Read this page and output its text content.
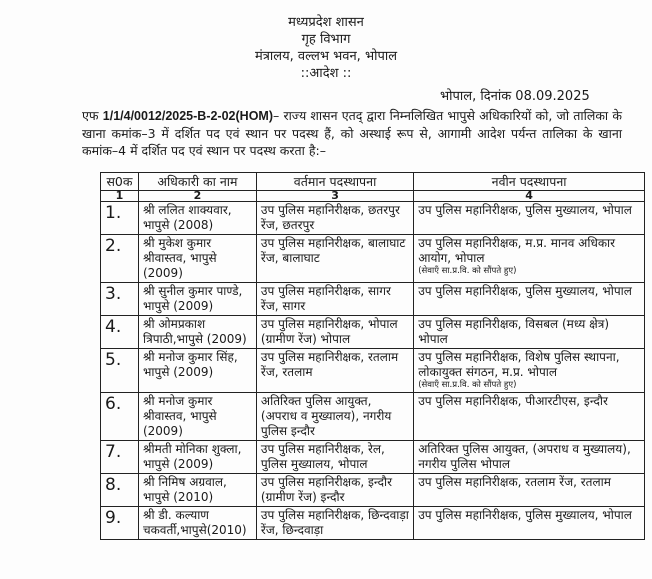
मध्यप्रदेश शासन
गृह विभाग
मंत्रालय, वल्लभ भवन, भोपाल
::आदेश ::
भोपाल, दिनांक 08.09.2025
एफ 1/1/4/0012/2025-B-2-02(HOM)– राज्य शासन एतद् द्वारा निम्नलिखित भापुसे अधिकारियों को, जो तालिका के खाना कमांक–3 में दर्शित पद एवं स्थान पर पदस्थ हैं, को अस्थाई रूप से, आगामी आदेश पर्यन्त तालिका के खाना कमांक–4 में दर्शित पद एवं स्थान पर पदस्थ करता है:–
स0क	अधिकारी का नाम	वर्तमान पदस्थापना	नवीन पदस्थापना
1	2	3	4
1.	श्री ललित शाक्यवार, भापुसे (2008)	उप पुलिस महानिरीक्षक, छतरपुर रेंज, छतरपुर	उप पुलिस महानिरीक्षक, पुलिस मुख्यालय, भोपाल
2.	श्री मुकेश कुमार श्रीवास्तव, भापुसे (2009)	उप पुलिस महानिरीक्षक, बालाघाट रेंज, बालाघाट	उप पुलिस महानिरीक्षक, म.प्र. मानव अधिकार आयोग, भोपाल
(सेवाएँ सा.प्र.वि. को सौंपते हुए)

3.	श्री सुनील कुमार पाण्डे, भापुसे (2009)	उप पुलिस महानिरीक्षक, सागर रेंज, सागर	उप पुलिस महानिरीक्षक, पुलिस मुख्यालय, भोपाल
4.	श्री ओमप्रकाश त्रिपाठी,भापुसे (2009)	उप पुलिस महानिरीक्षक, भोपाल (ग्रामीण रेंज) भोपाल	उप पुलिस महानिरीक्षक, विसबल (मध्य क्षेत्र) भोपाल
5.	श्री मनोज कुमार सिंह, भापुसे (2009)	उप पुलिस महानिरीक्षक, रतलाम रेंज, रतलाम	उप पुलिस महानिरीक्षक, विशेष पुलिस स्थापना, लोकायुक्त संगठन, म.प्र. भोपाल
(सेवाएँ सा.प्र.वि. को सौंपते हुए)

6.	श्री मनोज कुमार श्रीवास्तव, भापुसे (2009)	अतिरिक्त पुलिस आयुक्त, (अपराध व मुख्यालय), नगरीय पुलिस इन्दौर	उप पुलिस महानिरीक्षक, पीआरटीएस, इन्दौर
7.	श्रीमती मोनिका शुक्ला, भापुसे (2009)	उप पुलिस महानिरीक्षक, रेल, पुलिस मुख्यालय, भोपाल	अतिरिक्त पुलिस आयुक्त, (अपराध व मुख्यालय), नगरीय पुलिस भोपाल
8.	श्री निमिष अग्रवाल, भापुसे (2010)	उप पुलिस महानिरीक्षक, इन्दौर (ग्रामीण रेंज) इन्दौर	उप पुलिस महानिरीक्षक, रतलाम रेंज, रतलाम
9.	श्री डी. कल्याण चकवर्ती,भापुसे(2010)	उप पुलिस महानिरीक्षक, छिन्दवाड़ा रेंज, छिन्दवाड़ा	उप पुलिस महानिरीक्षक, पुलिस मुख्यालय, भोपाल
